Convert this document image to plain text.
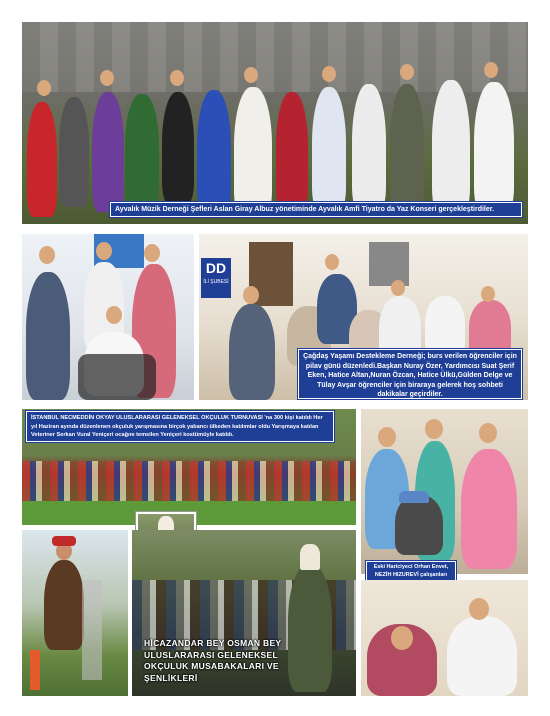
Ayvalık Müzik Derneği Şefleri Aslan Giray Albuz yönetiminde Ayvalık Amfi Tiyatro da Yaz Konseri gerçekleştirdiler.
DD
İLİ ŞUBESİ
Çağdaş Yaşamı Destekleme Derneği; burs verilen öğrenciler için pilav günü düzenledi.Başkan Nuray Özer, Yardımcısı Suat Şerif Eken, Hatice Altan,Nuran Özcan, Hatice Ülkü,Gülden Delge ve Tülay Avşar öğrenciler için biraraya gelerek hoş sohbeti dakikalar geçirdiler.
İSTANBUL NECMEDDİN OKYAY ULUSLARARASI GELENEKSEL OKÇULUK TURNUVASI 'na 300 kişi katıldı Her yıl Haziran ayında düzenlenen okçuluk yarışmasına birçok yabancı ülkeden katılımlar oldu Yarışmaya katılan Veteriner Serkan Vural Yeniçeri ocağını temsilen Yeniçeri kostümüyle katıldı.
HİCAZANDAR BEY OSMAN BEY ULUSLARARASI GELENEKSEL OKÇULUK MUSABAKALARI VE ŞENLİKLERİ
Eski Hariciyeci Orhan Envet, NEZİH HIZUREVİ çalışanları
